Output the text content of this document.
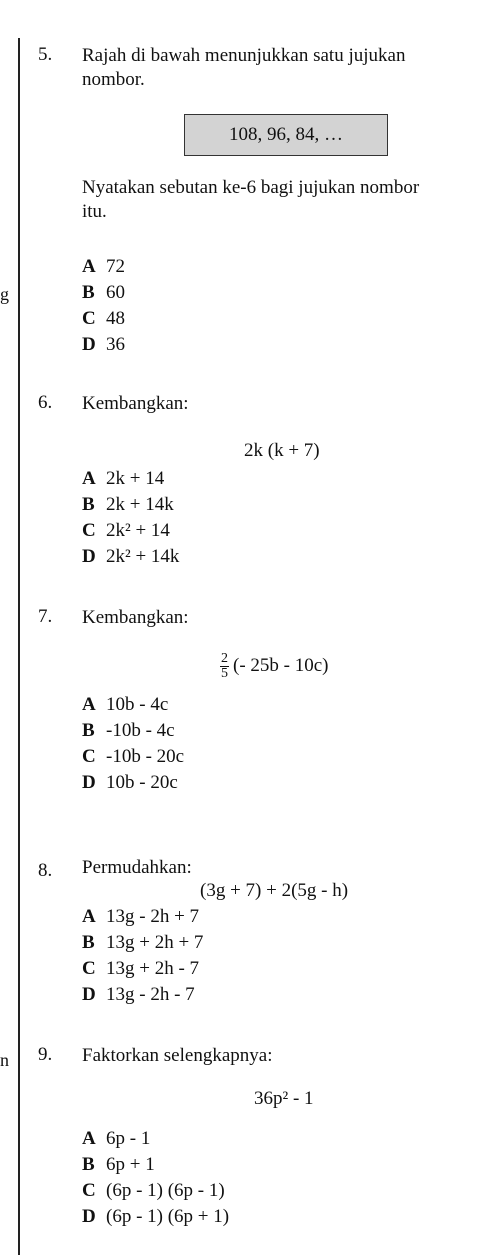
g
n
5. Rajah di bawah menunjukkan satu jujukan
nombor.
108, 96, 84, …
Nyatakan sebutan ke-6 bagi jujukan nombor
itu.
A 72
B 60
C 48
D 36
6. Kembangkan:
2k (k + 7)
A 2k + 14
B 2k + 14k
C 2k² + 14
D 2k² + 14k
7. Kembangkan:
$\frac{2}{5}$ (- 25b - 10c)
A 10b - 4c
B -10b - 4c
C -10b - 20c
D 10b - 20c
8. Permudahkan:
(3g + 7) + 2(5g - h)
A 13g - 2h + 7
B 13g + 2h + 7
C 13g + 2h - 7
D 13g - 2h - 7
9. Faktorkan selengkapnya:
36p² - 1
A 6p - 1
B 6p + 1
C (6p - 1) (6p - 1)
D (6p - 1) (6p + 1)
